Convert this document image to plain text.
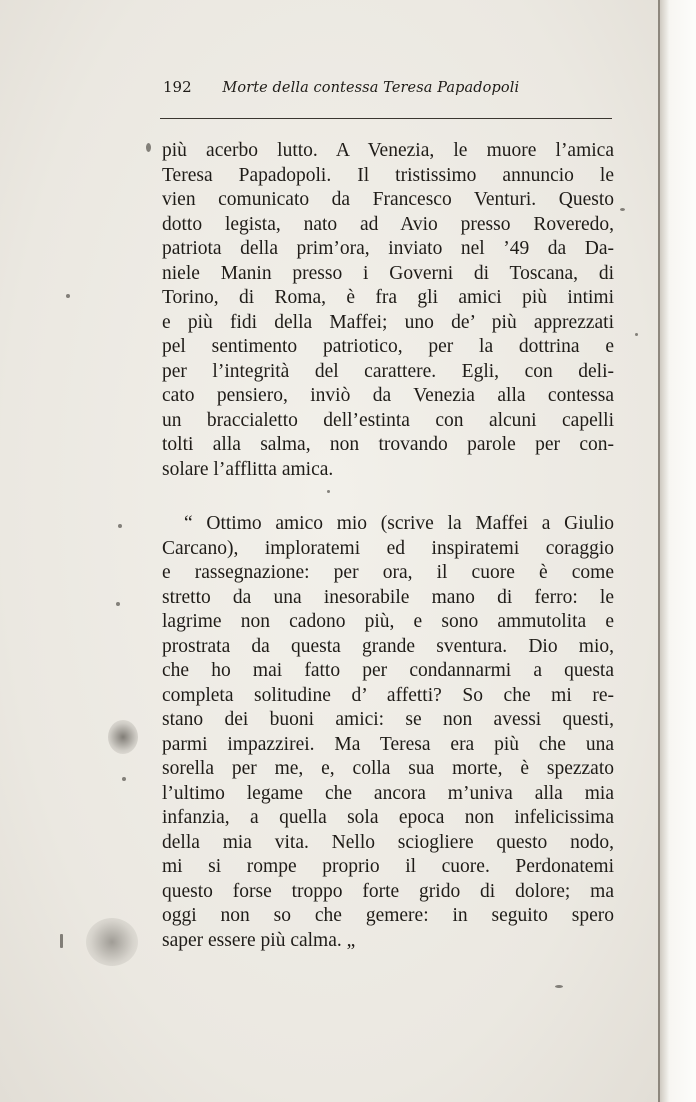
192 Morte della contessa Teresa Papadopoli
più acerbo lutto. A Venezia, le muore l’amica
Teresa Papadopoli. Il tristissimo annuncio le
vien comunicato da Francesco Venturi. Questo
dotto legista, nato ad Avio presso Roveredo,
patriota della prim’ora, inviato nel ’49 da Da-
niele Manin presso i Governi di Toscana, di
Torino, di Roma, è fra gli amici più intimi
e più fidi della Maffei; uno de’ più apprezzati
pel sentimento patriotico, per la dottrina e
per l’integrità del carattere. Egli, con deli-
cato pensiero, inviò da Venezia alla contessa
un braccialetto dell’estinta con alcuni capelli
tolti alla salma, non trovando parole per con-
solare l’afflitta amica.
“ Ottimo amico mio (scrive la Maffei a Giulio
Carcano), imploratemi ed inspiratemi coraggio
e rassegnazione: per ora, il cuore è come
stretto da una inesorabile mano di ferro: le
lagrime non cadono più, e sono ammutolita e
prostrata da questa grande sventura. Dio mio,
che ho mai fatto per condannarmi a questa
completa solitudine d’ affetti? So che mi re-
stano dei buoni amici: se non avessi questi,
parmi impazzirei. Ma Teresa era più che una
sorella per me, e, colla sua morte, è spezzato
l’ultimo legame che ancora m’univa alla mia
infanzia, a quella sola epoca non infelicissima
della mia vita. Nello sciogliere questo nodo,
mi si rompe proprio il cuore. Perdonatemi
questo forse troppo forte grido di dolore; ma
oggi non so che gemere: in seguito spero
saper essere più calma. „
